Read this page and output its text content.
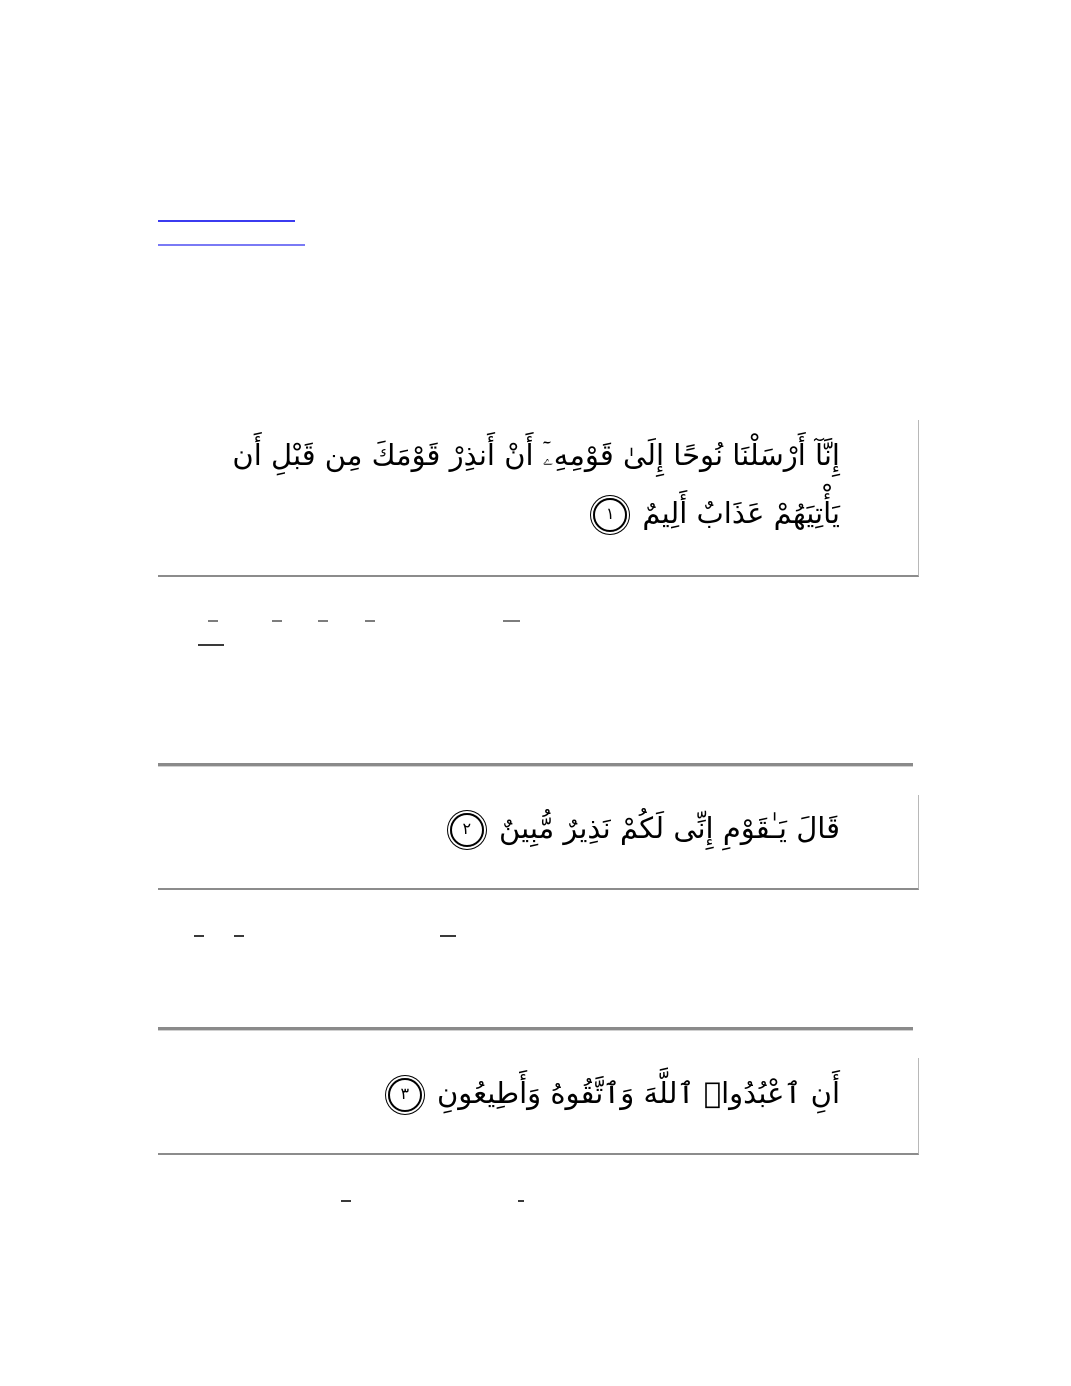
إِنَّآ أَرْسَلْنَا نُوحًا إِلَىٰ قَوْمِهِۦٓ أَنْ أَنذِرْ قَوْمَكَ مِن قَبْلِ أَن يَأْتِيَهُمْ عَذَابٌ أَلِيمٌ ١
قَالَ يَـٰقَوْمِ إِنِّى لَكُمْ نَذِيرٌ مُّبِينٌ ٢
أَنِ ٱعْبُدُوا۟ ٱللَّهَ وَٱتَّقُوهُ وَأَطِيعُونِ ٣
